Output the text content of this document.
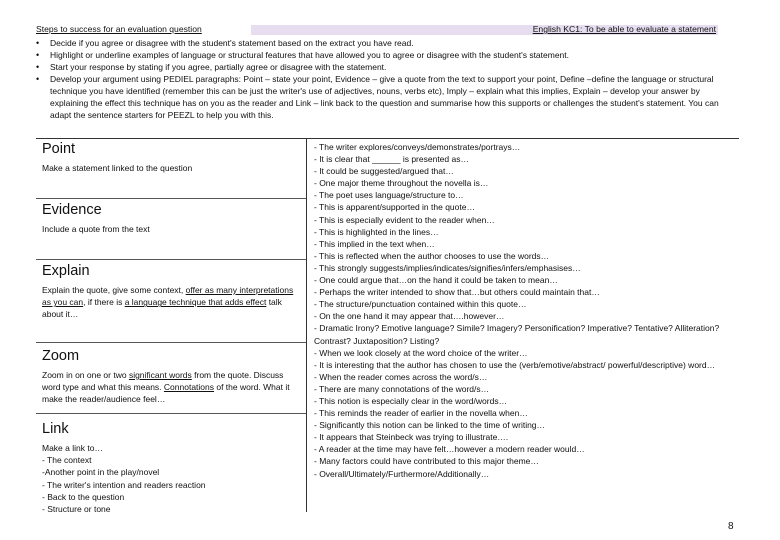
Steps to success for an evaluation question	English KC1: To be able to evaluate a statement
• Decide if you agree or disagree with the student's statement based on the extract you have read.
• Highlight or underline examples of language or structural features that have allowed you to agree or disagree with the student's statement.
• Start your response by stating if you agree, partially agree or disagree with the statement.
• Develop your argument using PEDIEL paragraphs: Point – state your point, Evidence – give a quote from the text to support your point, Define –define the language or structural technique you have identified (remember this can be just the writer's use of adjectives, nouns, verbs etc), Imply – explain what this implies, Explain – develop your answer by explaining the effect this technique has on you as the reader and Link – link back to the question and summarise how this supports or challenges the student's statement. You can adapt the sentence starters for PEEZL to help you with this.

Point

Make a statement linked to the question

Evidence

Include a quote from the text

Explain

Explain the quote, give some context, offer as many interpretations as you can, if there is a language technique that adds effect talk about it…

Zoom

Zoom in on one or two significant words from the quote. Discuss word type and what this means. Connotations of the word. What it make the reader/audience feel…

Link

Make a link to…
- The context
-Another point in the play/novel
- The writer's intention and readers reaction
- Back to the question
- Structure or tone

- The writer explores/conveys/demonstrates/portrays…
- It is clear that ______ is presented as…
- It could be suggested/argued that…
- One major theme throughout the novella is…
- The poet uses language/structure to…
- This is apparent/supported in the quote…
- This is especially evident to the reader when…
- This is highlighted in the lines…
- This implied in the text when…
- This is reflected when the author chooses to use the words…
- This strongly suggests/implies/indicates/signifies/infers/emphasises…
- One could argue that…on the hand it could be taken to mean…
- Perhaps the writer intended to show that…but others could maintain that…
- The structure/punctuation contained within this quote…
- On the one hand it may appear that….however…
- Dramatic Irony? Emotive language? Simile? Imagery? Personification? Imperative? Tentative? Alliteration? Contrast? Juxtaposition? Listing?
- When we look closely at the word choice of the writer…
- It is interesting that the author has chosen to use the (verb/emotive/abstract/ powerful/descriptive) word…
- When the reader comes across the word/s…
- There are many connotations of the word/s…
- This notion is especially clear in the word/words…
- This reminds the reader of earlier in the novella when…
- Significantly this notion can be linked to the time of writing…
- It appears that Steinbeck was trying to illustrate….
- A reader at the time may have felt…however a modern reader would…
- Many factors could have contributed to this major theme…
- Overall/Ultimately/Furthermore/Additionally…
8
